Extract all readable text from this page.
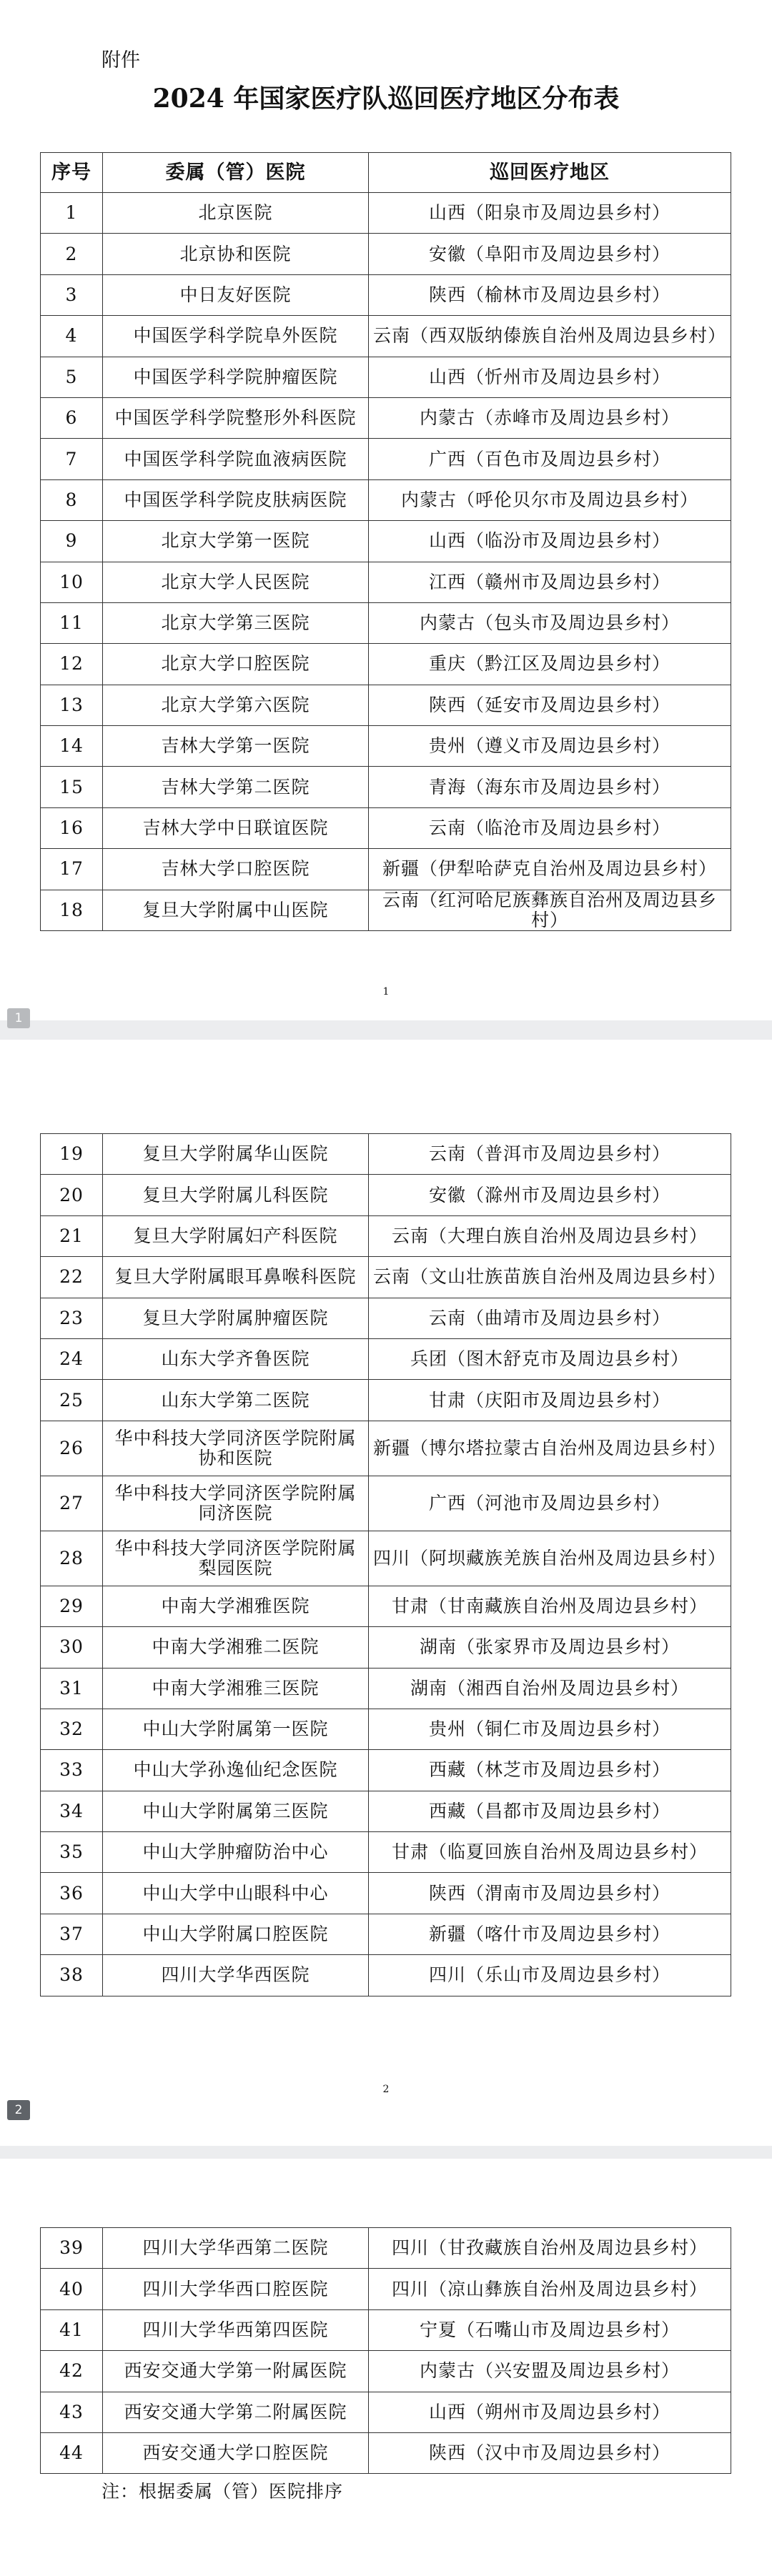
附件
2024 年国家医疗队巡回医疗地区分布表
序号	委属（管）医院	巡回医疗地区
1	北京医院	山西（阳泉市及周边县乡村）
2	北京协和医院	安徽（阜阳市及周边县乡村）
3	中日友好医院	陕西（榆林市及周边县乡村）
4	中国医学科学院阜外医院	云南（西双版纳傣族自治州及周边县乡村）
5	中国医学科学院肿瘤医院	山西（忻州市及周边县乡村）
6	中国医学科学院整形外科医院	内蒙古（赤峰市及周边县乡村）
7	中国医学科学院血液病医院	广西（百色市及周边县乡村）
8	中国医学科学院皮肤病医院	内蒙古（呼伦贝尔市及周边县乡村）
9	北京大学第一医院	山西（临汾市及周边县乡村）
10	北京大学人民医院	江西（赣州市及周边县乡村）
11	北京大学第三医院	内蒙古（包头市及周边县乡村）
12	北京大学口腔医院	重庆（黔江区及周边县乡村）
13	北京大学第六医院	陕西（延安市及周边县乡村）
14	吉林大学第一医院	贵州（遵义市及周边县乡村）
15	吉林大学第二医院	青海（海东市及周边县乡村）
16	吉林大学中日联谊医院	云南（临沧市及周边县乡村）
17	吉林大学口腔医院	新疆（伊犁哈萨克自治州及周边县乡村）
18	复旦大学附属中山医院	云南（红河哈尼族彝族自治州及周边县乡村）
1
1
19	复旦大学附属华山医院	云南（普洱市及周边县乡村）
20	复旦大学附属儿科医院	安徽（滁州市及周边县乡村）
21	复旦大学附属妇产科医院	云南（大理白族自治州及周边县乡村）
22	复旦大学附属眼耳鼻喉科医院	云南（文山壮族苗族自治州及周边县乡村）
23	复旦大学附属肿瘤医院	云南（曲靖市及周边县乡村）
24	山东大学齐鲁医院	兵团（图木舒克市及周边县乡村）
25	山东大学第二医院	甘肃（庆阳市及周边县乡村）
26	华中科技大学同济医学院附属协和医院	新疆（博尔塔拉蒙古自治州及周边县乡村）
27	华中科技大学同济医学院附属同济医院	广西（河池市及周边县乡村）
28	华中科技大学同济医学院附属梨园医院	四川（阿坝藏族羌族自治州及周边县乡村）
29	中南大学湘雅医院	甘肃（甘南藏族自治州及周边县乡村）
30	中南大学湘雅二医院	湖南（张家界市及周边县乡村）
31	中南大学湘雅三医院	湖南（湘西自治州及周边县乡村）
32	中山大学附属第一医院	贵州（铜仁市及周边县乡村）
33	中山大学孙逸仙纪念医院	西藏（林芝市及周边县乡村）
34	中山大学附属第三医院	西藏（昌都市及周边县乡村）
35	中山大学肿瘤防治中心	甘肃（临夏回族自治州及周边县乡村）
36	中山大学中山眼科中心	陕西（渭南市及周边县乡村）
37	中山大学附属口腔医院	新疆（喀什市及周边县乡村）
38	四川大学华西医院	四川（乐山市及周边县乡村）
2
2
39	四川大学华西第二医院	四川（甘孜藏族自治州及周边县乡村）
40	四川大学华西口腔医院	四川（凉山彝族自治州及周边县乡村）
41	四川大学华西第四医院	宁夏（石嘴山市及周边县乡村）
42	西安交通大学第一附属医院	内蒙古（兴安盟及周边县乡村）
43	西安交通大学第二附属医院	山西（朔州市及周边县乡村）
44	西安交通大学口腔医院	陕西（汉中市及周边县乡村）
注：根据委属（管）医院排序
